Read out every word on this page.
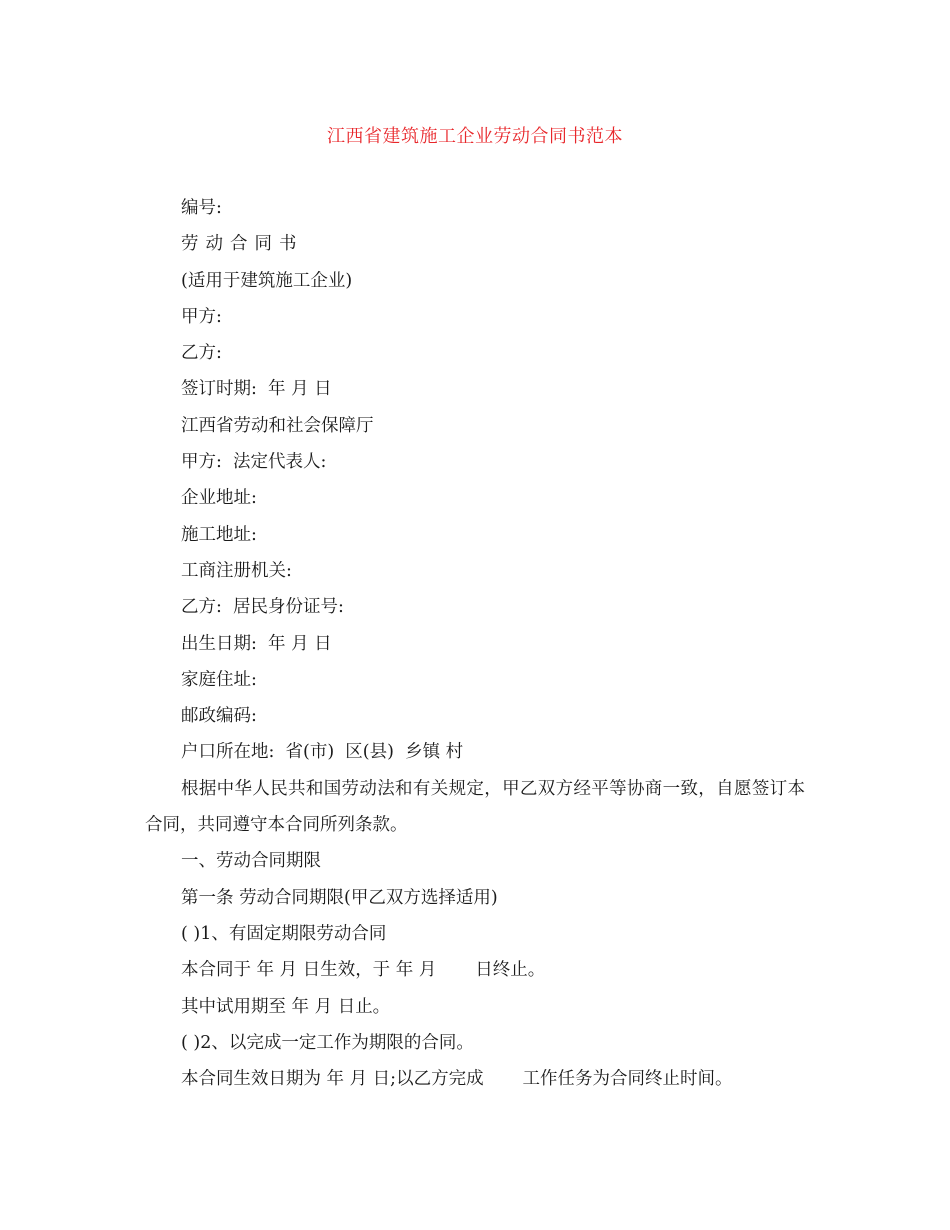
江西省建筑施工企业劳动合同书范本
编号:
劳动合同书
(适用于建筑施工企业)
甲方:
乙方:
签订时期:  年 月 日
江西省劳动和社会保障厅
甲方:  法定代表人:
企业地址:
施工地址:
工商注册机关:
乙方:  居民身份证号:
出生日期:  年 月 日
家庭住址:
邮政编码:
户口所在地:  省(市)  区(县)  乡镇 村
根据中华人民共和国劳动法和有关规定，甲乙双方经平等协商一致，自愿签订本合同，共同遵守本合同所列条款。
一、劳动合同期限
第一条 劳动合同期限(甲乙双方选择适用)
( )1、有固定期限劳动合同
本合同于 年 月 日生效，于 年 月       日终止。
其中试用期至 年 月 日止。
( )2、以完成一定工作为期限的合同。
本合同生效日期为 年 月 日;以乙方完成       工作任务为合同终止时间。
